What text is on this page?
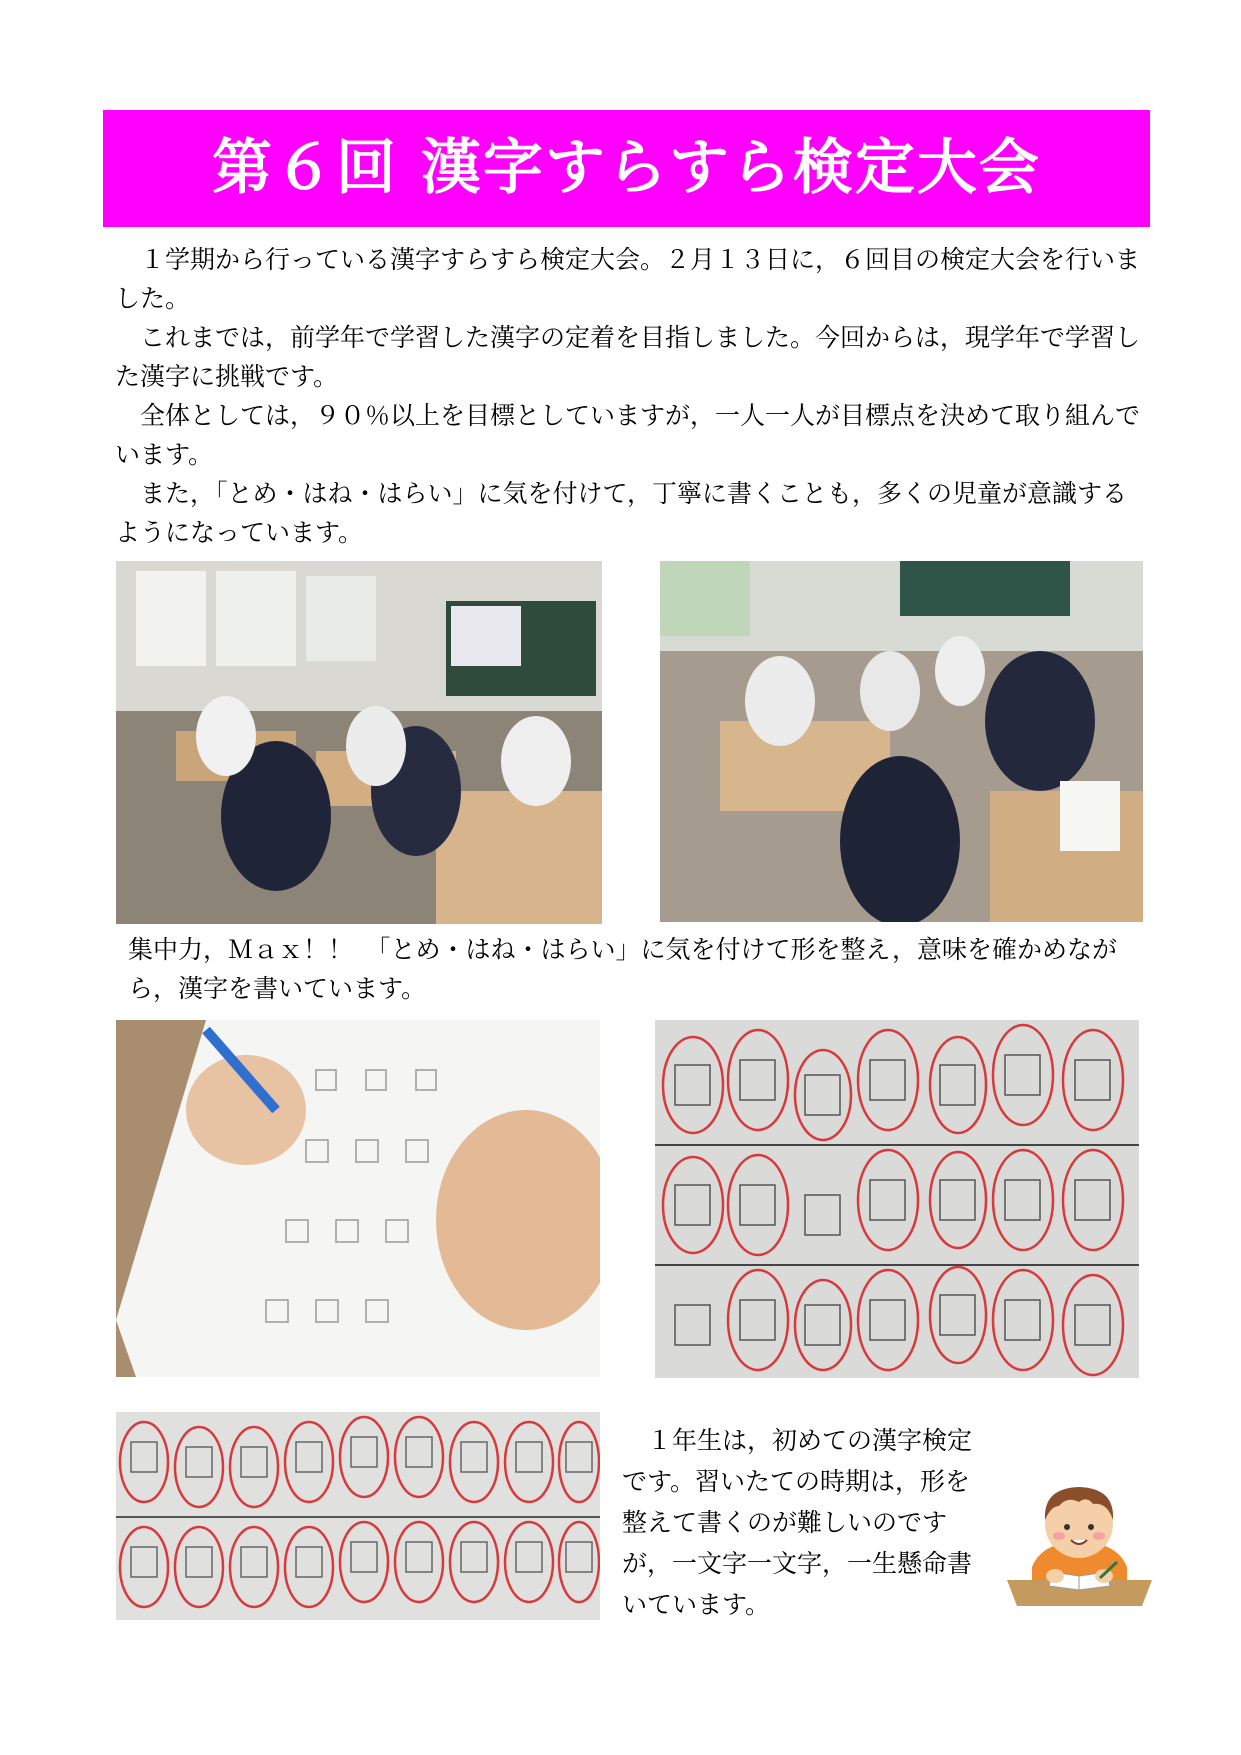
第６回 漢字すらすら検定大会

１学期から行っている漢字すらすら検定大会。２月１３日に，６回目の検定大会を行いました。

これまでは，前学年で学習した漢字の定着を目指しました。今回からは，現学年で学習した漢字に挑戦です。

全体としては，９０％以上を目標としていますが，一人一人が目標点を決めて取り組んでいます。

また，「とめ・はね・はらい」に気を付けて，丁寧に書くことも，多くの児童が意識するようになっています。

集中力，Ｍａｘ！！　「とめ・はね・はらい」に気を付けて形を整え，意味を確かめながら，漢字を書いています。

１年生は，初めての漢字検定です。習いたての時期は，形を整えて書くのが難しいのですが，一文字一文字，一生懸命書いています。
